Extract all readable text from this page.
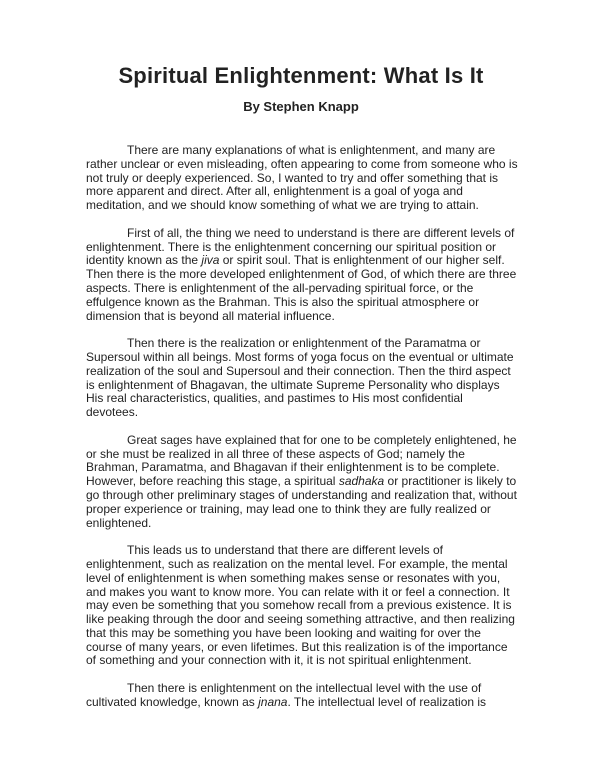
Spiritual Enlightenment: What Is It
By Stephen Knapp

There are many explanations of what is enlightenment, and many are
rather unclear or even misleading, often appearing to come from someone who is
not truly or deeply experienced. So, I wanted to try and offer something that is
more apparent and direct. After all, enlightenment is a goal of yoga and
meditation, and we should know something of what we are trying to attain.

First of all, the thing we need to understand is there are different levels of
enlightenment. There is the enlightenment concerning our spiritual position or
identity known as the jiva or spirit soul. That is enlightenment of our higher self.
Then there is the more developed enlightenment of God, of which there are three
aspects. There is enlightenment of the all-pervading spiritual force, or the
effulgence known as the Brahman. This is also the spiritual atmosphere or
dimension that is beyond all material influence.

Then there is the realization or enlightenment of the Paramatma or
Supersoul within all beings. Most forms of yoga focus on the eventual or ultimate
realization of the soul and Supersoul and their connection. Then the third aspect
is enlightenment of Bhagavan, the ultimate Supreme Personality who displays
His real characteristics, qualities, and pastimes to His most confidential
devotees.

Great sages have explained that for one to be completely enlightened, he
or she must be realized in all three of these aspects of God; namely the
Brahman, Paramatma, and Bhagavan if their enlightenment is to be complete.
However, before reaching this stage, a spiritual sadhaka or practitioner is likely to
go through other preliminary stages of understanding and realization that, without
proper experience or training, may lead one to think they are fully realized or
enlightened.

This leads us to understand that there are different levels of
enlightenment, such as realization on the mental level. For example, the mental
level of enlightenment is when something makes sense or resonates with you,
and makes you want to know more. You can relate with it or feel a connection. It
may even be something that you somehow recall from a previous existence. It is
like peaking through the door and seeing something attractive, and then realizing
that this may be something you have been looking and waiting for over the
course of many years, or even lifetimes. But this realization is of the importance
of something and your connection with it, it is not spiritual enlightenment.

Then there is enlightenment on the intellectual level with the use of
cultivated knowledge, known as jnana. The intellectual level of realization is
